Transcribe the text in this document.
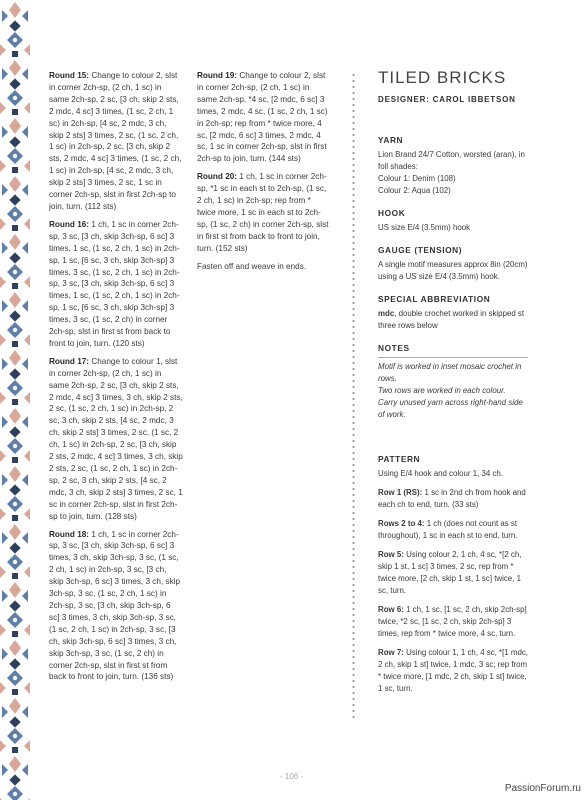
Round 15: Change to colour 2, slst in corner 2ch-sp, (2 ch, 1 sc) in same 2ch-sp, 2 sc, [3 ch, skip 2 sts, 2 mdc, 4 sc] 3 times, (1 sc, 2 ch, 1 sc) in 2ch-sp, [4 sc, 2 mdc, 3 ch, skip 2 sts] 3 times, 2 sc, (1 sc, 2 ch, 1 sc) in 2ch-sp, 2 sc, [3 ch, skip 2 sts, 2 mdc, 4 sc] 3 times, (1 sc, 2 ch, 1 sc) in 2ch-sp, [4 sc, 2 mdc, 3 ch, skip 2 sts] 3 times, 2 sc, 1 sc in corner 2ch-sp, slst in first 2ch-sp to join, turn. (112 sts)

Round 16: 1 ch, 1 sc in corner 2ch-sp, 3 sc, [3 ch, skip 3ch-sp, 6 sc] 3 times, 1 sc, (1 sc, 2 ch, 1 sc) in 2ch-sp, 1 sc, [6 sc, 3 ch, skip 3ch-sp] 3 times, 3 sc, (1 sc, 2 ch, 1 sc) in 2ch-sp, 3 sc, [3 ch, skip 3ch-sp, 6 sc] 3 times, 1 sc, (1 sc, 2 ch, 1 sc) in 2ch-sp, 1 sc, [6 sc, 3 ch, skip 3ch-sp] 3 times, 3 sc, (1 sc, 2 ch) in corner 2ch-sp, slst in first st from back to front to join, turn. (120 sts)

Round 17: Change to colour 1, slst in corner 2ch-sp, (2 ch, 1 sc) in same 2ch-sp, 2 sc, [3 ch, skip 2 sts, 2 mdc, 4 sc] 3 times, 3 ch, skip 2 sts, 2 sc, (1 sc, 2 ch, 1 sc) in 2ch-sp, 2 sc, 3 ch, skip 2 sts, [4 sc, 2 mdc, 3 ch, skip 2 sts] 3 times, 2 sc, (1 sc, 2 ch, 1 sc) in 2ch-sp, 2 sc, [3 ch, skip 2 sts, 2 mdc, 4 sc] 3 times, 3 ch, skip 2 sts, 2 sc, (1 sc, 2 ch, 1 sc) in 2ch-sp, 2 sc, 3 ch, skip 2 sts, [4 sc, 2 mdc, 3 ch, skip 2 sts] 3 times, 2 sc, 1 sc in corner 2ch-sp, slst in first 2ch-sp to join, turn. (128 sts)

Round 18: 1 ch, 1 sc in corner 2ch-sp, 3 sc, [3 ch, skip 3ch-sp, 6 sc] 3 times, 3 ch, skip 3ch-sp, 3 sc, (1 sc, 2 ch, 1 sc) in 2ch-sp, 3 sc, [3 ch, skip 3ch-sp, 6 sc] 3 times, 3 ch, skip 3ch-sp, 3 sc, (1 sc, 2 ch, 1 sc) in 2ch-sp, 3 sc, [3 ch, skip 3ch-sp, 6 sc] 3 times, 3 ch, skip 3ch-sp, 3 sc, (1 sc, 2 ch, 1 sc) in 2ch-sp, 3 sc, [3 ch, skip 3ch-sp, 6 sc] 3 times, 3 ch, skip 3ch-sp, 3 sc, (1 sc, 2 ch) in corner 2ch-sp, slst in first st from back to front to join, turn. (136 sts)

Round 19: Change to colour 2, slst in corner 2ch-sp, (2 ch, 1 sc) in same 2ch-sp, *4 sc, [2 mdc, 6 sc] 3 times, 2 mdc, 4 sc, (1 sc, 2 ch, 1 sc) in 2ch-sp; rep from * twice more, 4 sc, [2 mdc, 6 sc] 3 times, 2 mdc, 4 sc, 1 sc in corner 2ch-sp, slst in first 2ch-sp to join, turn. (144 sts)

Round 20: 1 ch, 1 sc in corner 2ch-sp, *1 sc in each st to 2ch-sp, (1 sc, 2 ch, 1 sc) in 2ch-sp; rep from * twice more, 1 sc in each st to 2ch-sp, (1 sc, 2 ch) in corner 2ch-sp, slst in first st from back to front to join, turn. (152 sts)

Fasten off and weave in ends.

TILED BRICKS
DESIGNER: CAROL IBBETSON
YARN

Lion Brand 24/7 Cotton, worsted (aran), in foll shades:

Colour 1: Denim (108)

Colour 2: Aqua (102)

HOOK

US size E/4 (3.5mm) hook

GAUGE (TENSION)

A single motif measures approx 8in (20cm) using a US size E/4 (3.5mm) hook.

SPECIAL ABBREVIATION

mdc, double crochet worked in skipped st three rows below

NOTES

Motif is worked in inset mosaic crochet in rows.

Two rows are worked in each colour.

Carry unused yarn across right-hand side of work.

PATTERN

Using E/4 hook and colour 1, 34 ch.

Row 1 (RS): 1 sc in 2nd ch from hook and each ch to end, turn. (33 sts)

Rows 2 to 4: 1 ch (does not count as st throughout), 1 sc in each st to end, turn.

Row 5: Using colour 2, 1 ch, 4 sc, *[2 ch, skip 1 st, 1 sc] 3 times, 2 sc, rep from * twice more, [2 ch, skip 1 st, 1 sc] twice, 1 sc, turn.

Row 6: 1 ch, 1 sc, [1 sc, 2 ch, skip 2ch-sp] twice, *2 sc, [1 sc, 2 ch, skip 2ch-sp] 3 times, rep from * twice more, 4 sc, turn.

Row 7: Using colour 1, 1 ch, 4 sc, *[1 mdc, 2 ch, skip 1 st] twice, 1 mdc, 3 sc; rep from * twice more, [1 mdc, 2 ch, skip 1 st] twice, 1 sc, turn.

- 106 -
PassionForum.ru
